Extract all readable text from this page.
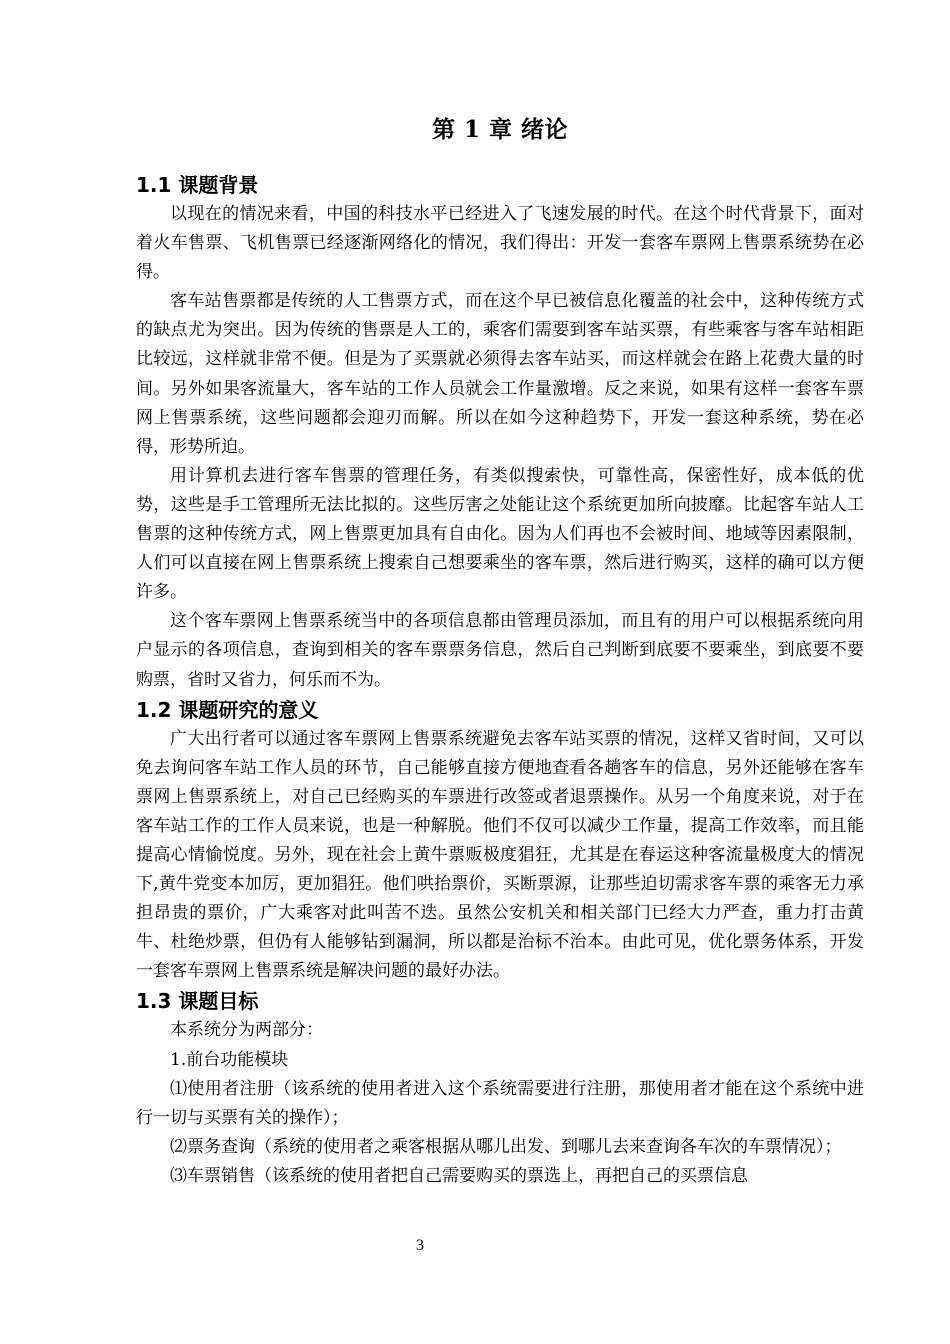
第 1 章 绪论
1.1 课题背景

以现在的情况来看，中国的科技水平已经进入了飞速发展的时代。在这个时代背景下，面对着火车售票、飞机售票已经逐渐网络化的情况，我们得出：开发一套客车票网上售票系统势在必得。

客车站售票都是传统的人工售票方式，而在这个早已被信息化覆盖的社会中，这种传统方式的缺点尤为突出。因为传统的售票是人工的，乘客们需要到客车站买票，有些乘客与客车站相距比较远，这样就非常不便。但是为了买票就必须得去客车站买，而这样就会在路上花费大量的时间。另外如果客流量大，客车站的工作人员就会工作量激增。反之来说，如果有这样一套客车票网上售票系统，这些问题都会迎刃而解。所以在如今这种趋势下，开发一套这种系统，势在必得，形势所迫。

用计算机去进行客车售票的管理任务，有类似搜索快，可靠性高，保密性好，成本低的优势，这些是手工管理所无法比拟的。这些厉害之处能让这个系统更加所向披靡。比起客车站人工售票的这种传统方式，网上售票更加具有自由化。因为人们再也不会被时间、地域等因素限制，人们可以直接在网上售票系统上搜索自己想要乘坐的客车票，然后进行购买，这样的确可以方便许多。

这个客车票网上售票系统当中的各项信息都由管理员添加，而且有的用户可以根据系统向用户显示的各项信息，查询到相关的客车票票务信息，然后自己判断到底要不要乘坐，到底要不要购票，省时又省力，何乐而不为。

1.2 课题研究的意义

广大出行者可以通过客车票网上售票系统避免去客车站买票的情况，这样又省时间，又可以免去询问客车站工作人员的环节，自己能够直接方便地查看各趟客车的信息，另外还能够在客车票网上售票系统上，对自己已经购买的车票进行改签或者退票操作。从另一个角度来说，对于在客车站工作的工作人员来说，也是一种解脱。他们不仅可以减少工作量，提高工作效率，而且能提高心情愉悦度。另外，现在社会上黄牛票贩极度猖狂，尤其是在春运这种客流量极度大的情况下,黄牛党变本加厉，更加猖狂。他们哄抬票价，买断票源，让那些迫切需求客车票的乘客无力承担昂贵的票价，广大乘客对此叫苦不迭。虽然公安机关和相关部门已经大力严查，重力打击黄牛、杜绝炒票，但仍有人能够钻到漏洞，所以都是治标不治本。由此可见，优化票务体系，开发一套客车票网上售票系统是解决问题的最好办法。

1.3 课题目标

本系统分为两部分：

1.前台功能模块

⑴使用者注册（该系统的使用者进入这个系统需要进行注册，那使用者才能在这个系统中进行一切与买票有关的操作）；

⑵票务查询（系统的使用者之乘客根据从哪儿出发、到哪儿去来查询各车次的车票情况）；

⑶车票销售（该系统的使用者把自己需要购买的票选上，再把自己的买票信息

3
